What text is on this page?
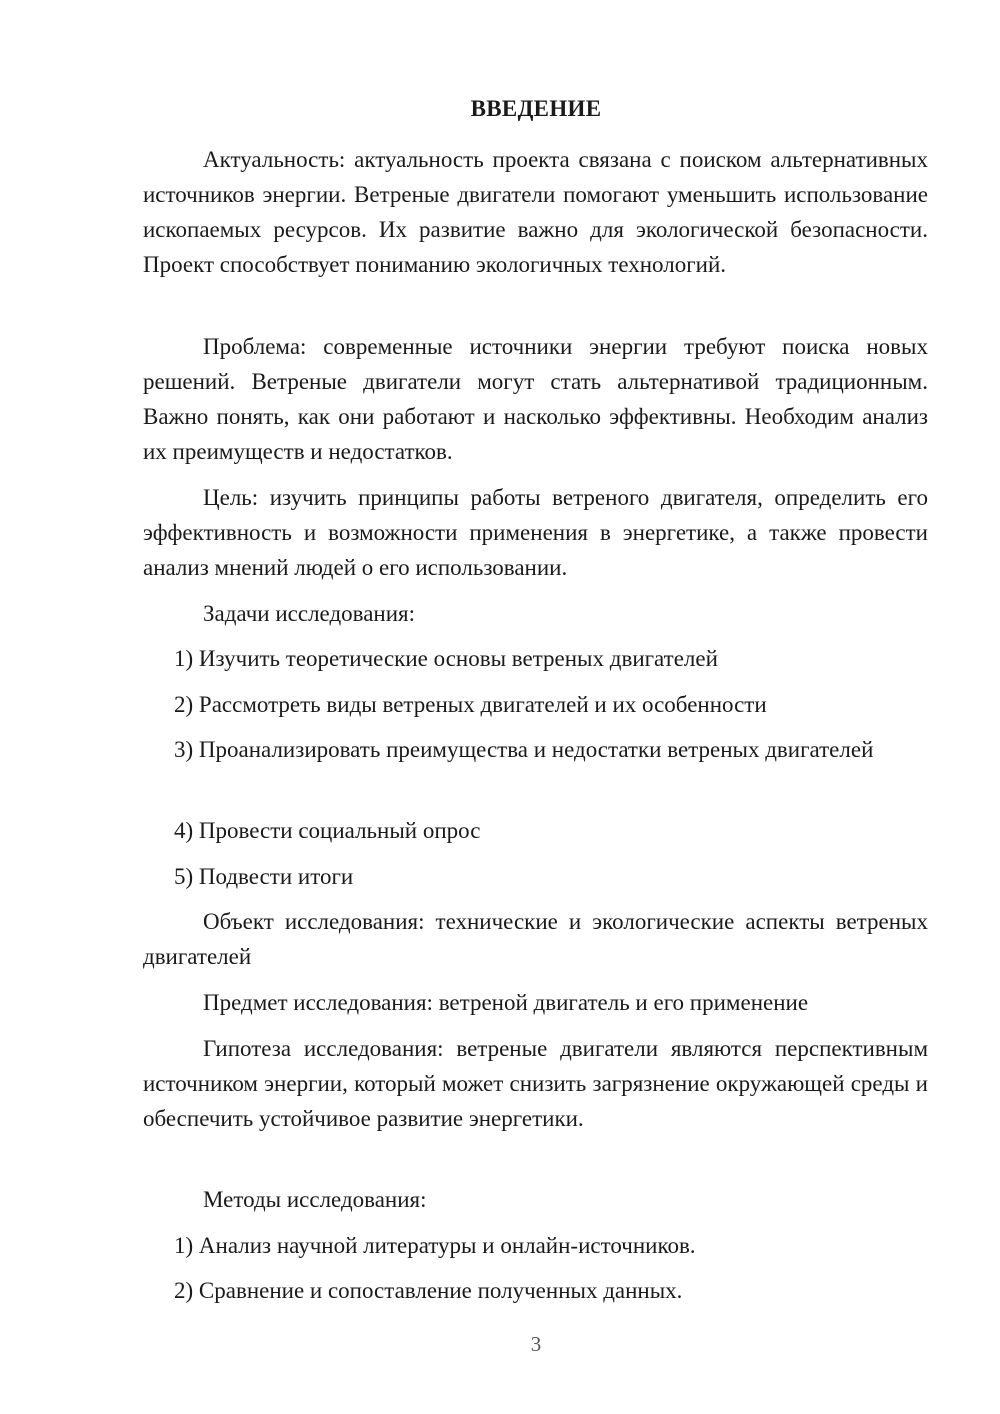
ВВЕДЕНИЕ

Актуальность: актуальность проекта связана с поиском альтернативных источников энергии. Ветреные двигатели помогают уменьшить использование ископаемых ресурсов. Их развитие важно для экологической безопасности. Проект способствует пониманию экологичных технологий.

Проблема: современные источники энергии требуют поиска новых решений. Ветреные двигатели могут стать альтернативой традиционным. Важно понять, как они работают и насколько эффективны. Необходим анализ их преимуществ и недостатков.

Цель: изучить принципы работы ветреного двигателя, определить его эффективность и возможности применения в энергетике, а также провести анализ мнений людей о его использовании.

Задачи исследования:

1) Изучить теоретические основы ветреных двигателей

2) Рассмотреть виды ветреных двигателей и их особенности

3) Проанализировать преимущества и недостатки ветреных двигателей

4) Провести социальный опрос

5) Подвести итоги

Объект исследования: технические и экологические аспекты ветреных двигателей

Предмет исследования: ветреной двигатель и его применение

Гипотеза исследования: ветреные двигатели являются перспективным источником энергии, который может снизить загрязнение окружающей среды и обеспечить устойчивое развитие энергетики.

Методы исследования:

1) Анализ научной литературы и онлайн-источников.

2) Сравнение и сопоставление полученных данных.

3
